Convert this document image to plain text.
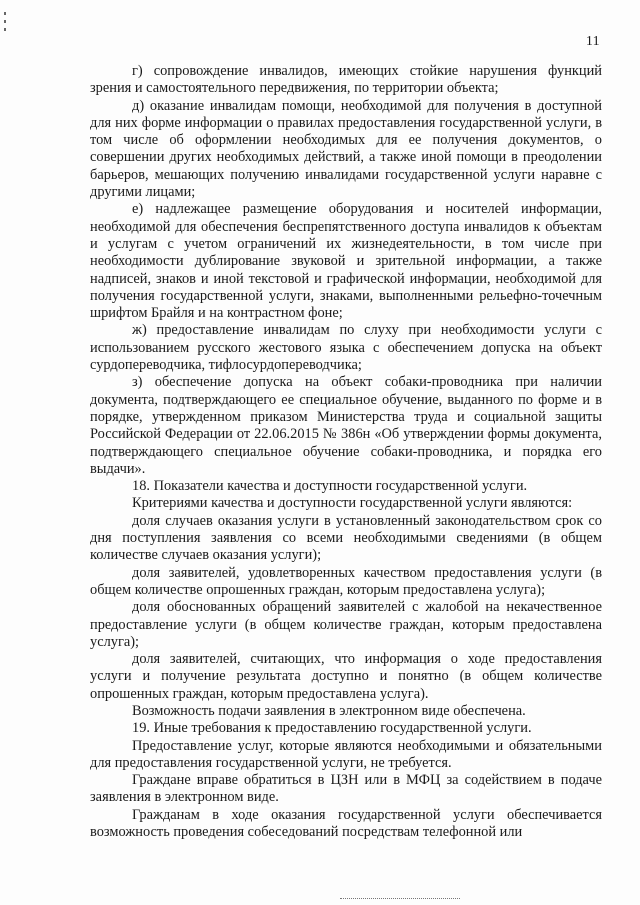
11

г) сопровождение инвалидов, имеющих стойкие нарушения функций зрения и самостоятельного передвижения, по территории объекта;

д) оказание инвалидам помощи, необходимой для получения в доступной для них форме информации о правилах предоставления государственной услуги, в том числе об оформлении необходимых для ее получения документов, о совершении других необходимых действий, а также иной помощи в преодолении барьеров, мешающих получению инвалидами государственной услуги наравне с другими лицами;

е) надлежащее размещение оборудования и носителей информации, необходимой для обеспечения беспрепятственного доступа инвалидов к объектам и услугам с учетом ограничений их жизнедеятельности, в том числе при необходимости дублирование звуковой и зрительной информации, а также надписей, знаков и иной текстовой и графической информации, необходимой для получения государственной услуги, знаками, выполненными рельефно-точечным шрифтом Брайля и на контрастном фоне;

ж) предоставление инвалидам по слуху при необходимости услуги с использованием русского жестового языка с обеспечением допуска на объект сурдопереводчика, тифлосурдопереводчика;

з) обеспечение допуска на объект собаки-проводника при наличии документа, подтверждающего ее специальное обучение, выданного по форме и в порядке, утвержденном приказом Министерства труда и социальной защиты Российской Федерации от 22.06.2015 № 386н «Об утверждении формы документа, подтверждающего специальное обучение собаки-проводника, и порядка его выдачи».

18. Показатели качества и доступности государственной услуги.

Критериями качества и доступности государственной услуги являются:

доля случаев оказания услуги в установленный законодательством срок со дня поступления заявления со всеми необходимыми сведениями (в общем количестве случаев оказания услуги);

доля заявителей, удовлетворенных качеством предоставления услуги (в общем количестве опрошенных граждан, которым предоставлена услуга);

доля обоснованных обращений заявителей с жалобой на некачественное предоставление услуги (в общем количестве граждан, которым предоставлена услуга);

доля заявителей, считающих, что информация о ходе предоставления услуги и получение результата доступно и понятно (в общем количестве опрошенных граждан, которым предоставлена услуга).

Возможность подачи заявления в электронном виде обеспечена.

19. Иные требования к предоставлению государственной услуги.

Предоставление услуг, которые являются необходимыми и обязательными для предоставления государственной услуги, не требуется.

Граждане вправе обратиться в ЦЗН или в МФЦ за содействием в подаче заявления в электронном виде.

Гражданам в ходе оказания государственной услуги обеспечивается возможность проведения собеседований посредствам телефонной или
